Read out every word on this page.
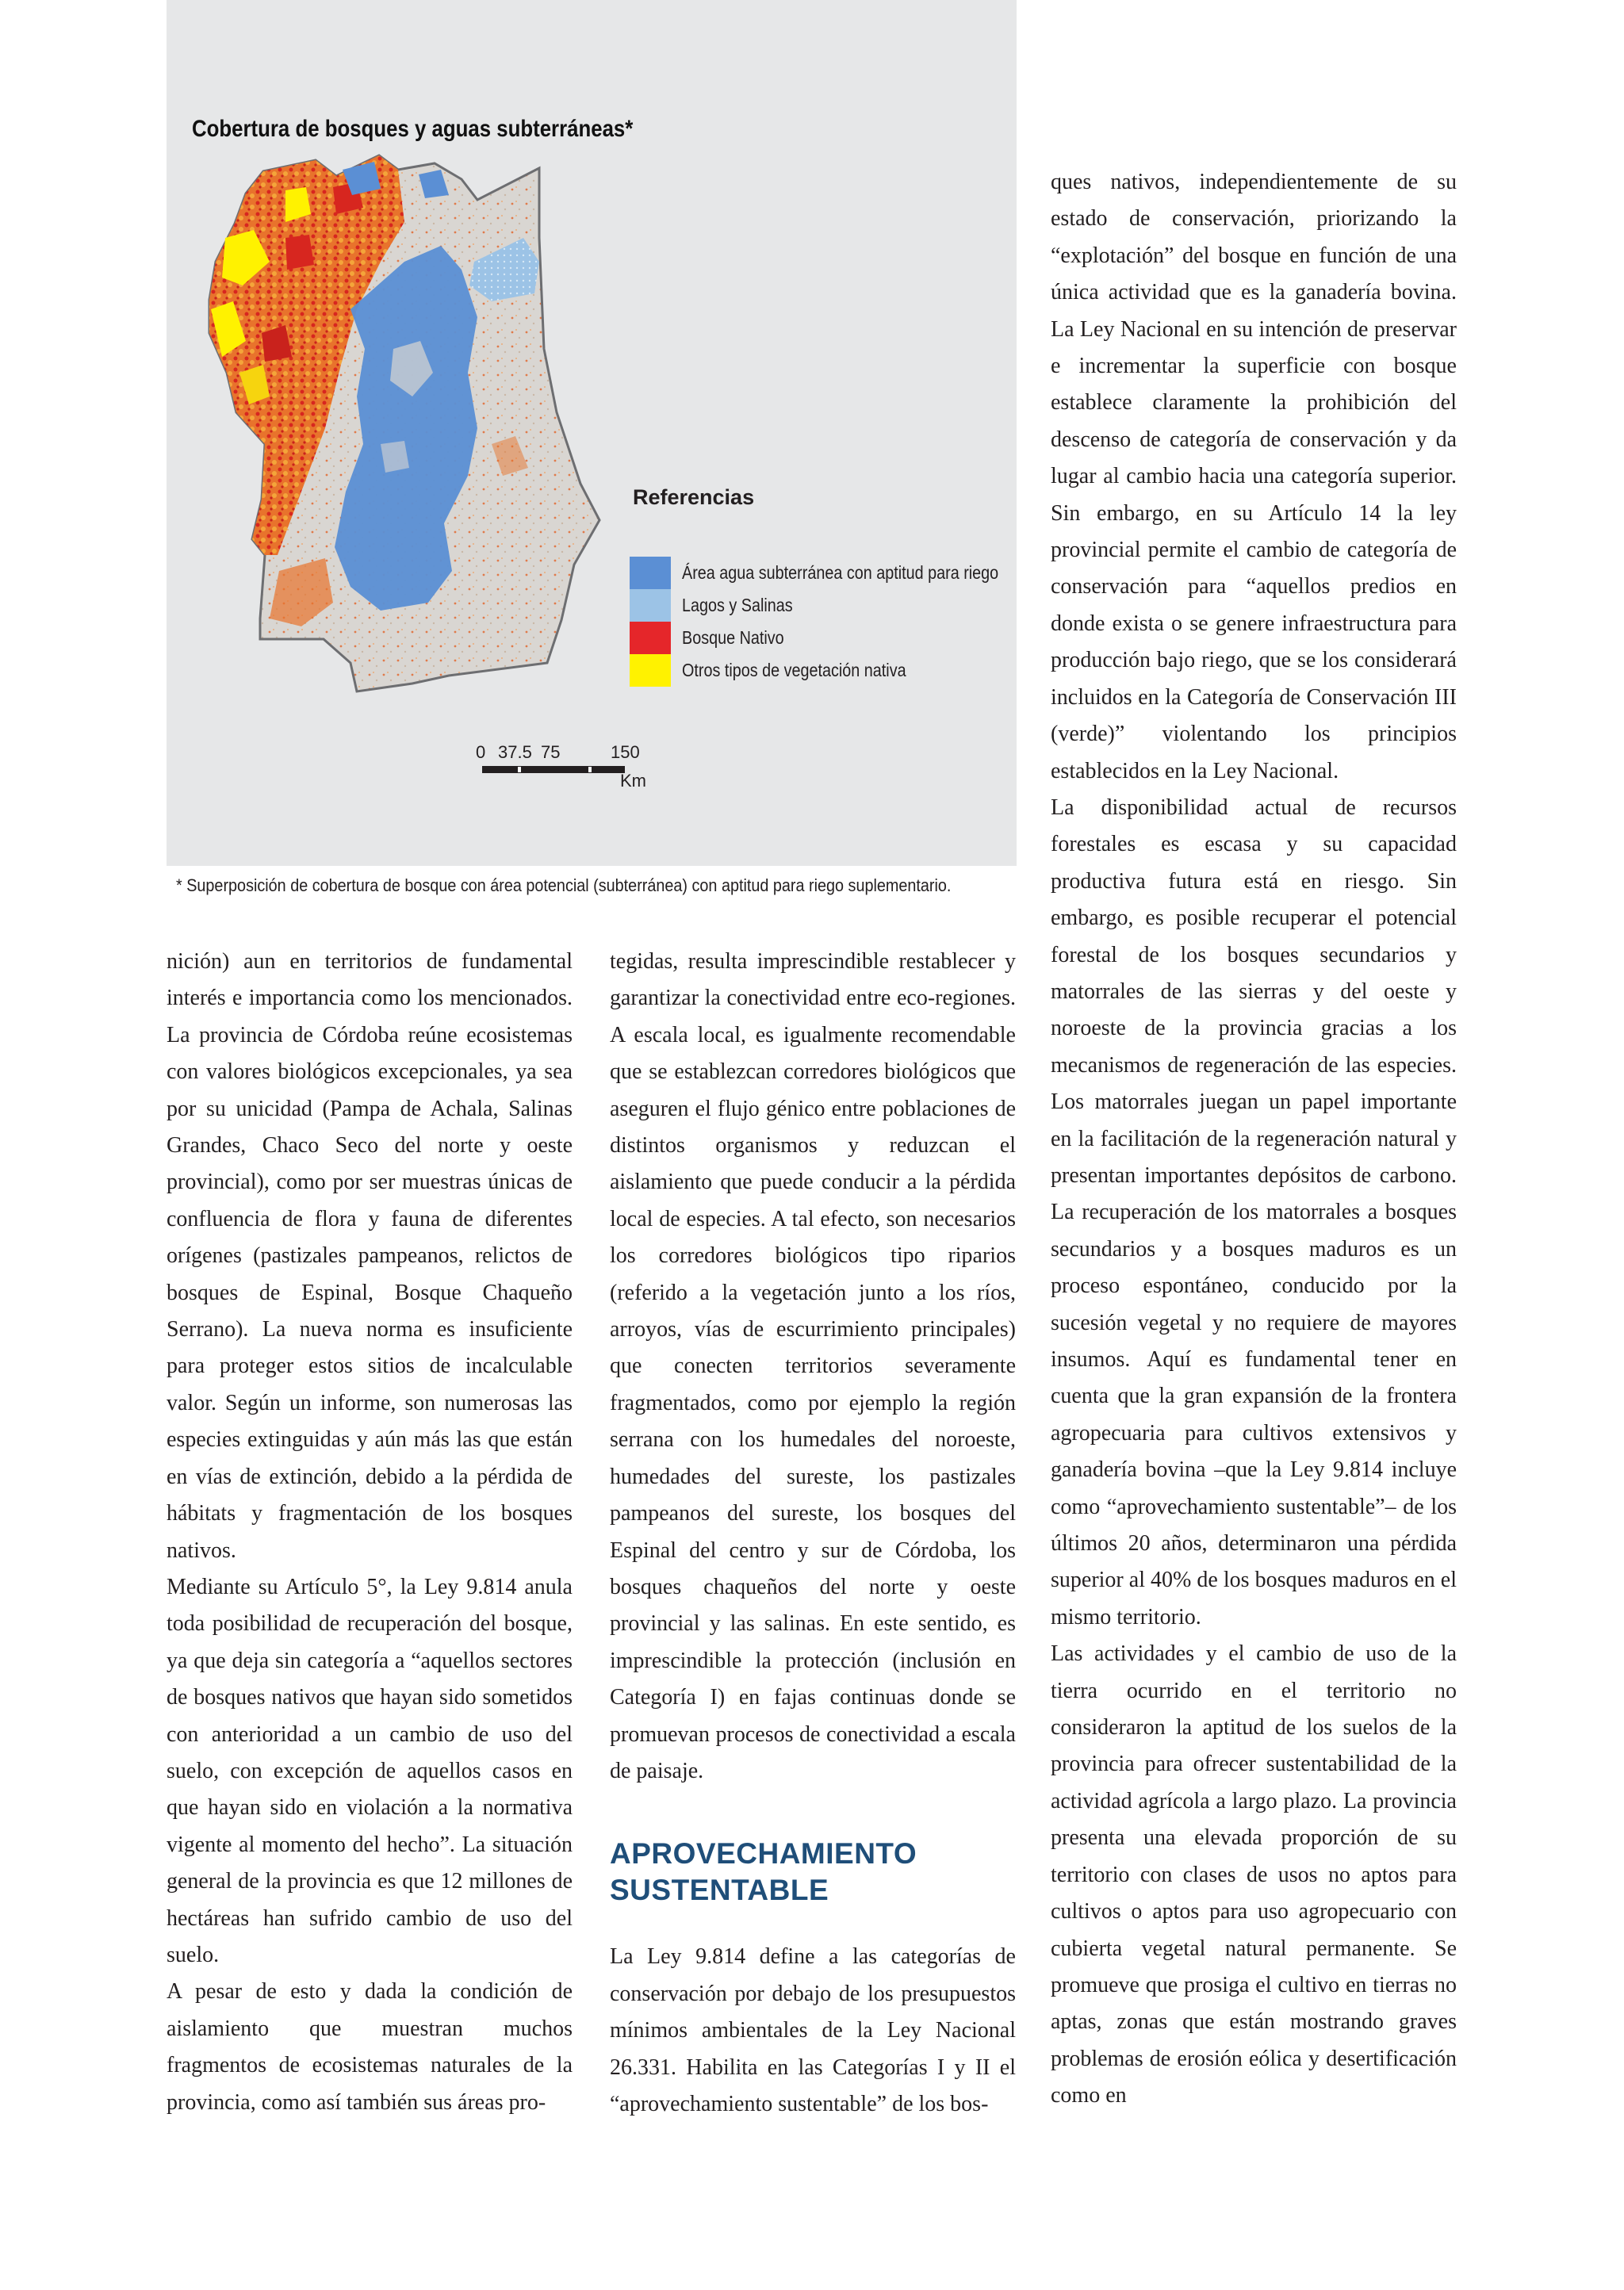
Cobertura de bosques y aguas subterráneas*
Referencias
Área agua subterránea con aptitud para riego
Lagos y Salinas
Bosque Nativo
Otros tipos de vegetación nativa
0 37.5 75	150
Km

* Superposición de cobertura de bosque con área potencial (subterránea) con aptitud para riego suplementario.

nición) aun en territorios de fundamental interés e importancia como los mencionados. La provincia de Córdoba reúne ecosistemas con valores biológicos excepcionales, ya sea por su unicidad (Pampa de Achala, Salinas Grandes, Chaco Seco del norte y oeste provincial), como por ser muestras únicas de confluencia de flora y fauna de diferentes orígenes (pastizales pampeanos, relictos de bosques de Espinal, Bosque Chaqueño Serrano). La nueva norma es insuficiente para proteger estos sitios de incalculable valor. Según un informe, son numerosas las especies extinguidas y aún más las que están en vías de extinción, debido a la pérdida de hábitats y fragmentación de los bosques nativos.

Mediante su Artículo 5°, la Ley 9.814 anula toda posibilidad de recuperación del bosque, ya que deja sin categoría a “aquellos sectores de bosques nativos que hayan sido sometidos con anterioridad a un cambio de uso del suelo, con excepción de aquellos casos en que hayan sido en violación a la normativa vigente al momento del hecho”. La situación general de la provincia es que 12 millones de hectáreas han sufrido cambio de uso del suelo.

A pesar de esto y dada la condición de aislamiento que muestran muchos fragmentos de ecosistemas naturales de la provincia, como así también sus áreas pro-

tegidas, resulta imprescindible restablecer y garantizar la conectividad entre eco-regiones. A escala local, es igualmente recomendable que se establezcan corredores biológicos que aseguren el flujo génico entre poblaciones de distintos organismos y reduzcan el aislamiento que puede conducir a la pérdida local de especies. A tal efecto, son necesarios los corredores biológicos tipo riparios (referido a la vegetación junto a los ríos, arroyos, vías de escurrimiento principales) que conecten territorios severamente fragmentados, como por ejemplo la región serrana con los humedales del noroeste, humedades del sureste, los pastizales pampeanos del sureste, los bosques del Espinal del centro y sur de Córdoba, los bosques chaqueños del norte y oeste provincial y las salinas. En este sentido, es imprescindible la protección (inclusión en Categoría I) en fajas continuas donde se promuevan procesos de conectividad a escala de paisaje.

APROVECHAMIENTO SUSTENTABLE

La Ley 9.814 define a las categorías de conservación por debajo de los presupuestos mínimos ambientales de la Ley Nacional 26.331. Habilita en las Categorías I y II el “aprovechamiento sustentable” de los bos-

ques nativos, independientemente de su estado de conservación, priorizando la “explotación” del bosque en función de una única actividad que es la ganadería bovina. La Ley Nacional en su intención de preservar e incrementar la superficie con bosque establece claramente la prohibición del descenso de categoría de conservación y da lugar al cambio hacia una categoría superior. Sin embargo, en su Artículo 14 la ley provincial permite el cambio de categoría de conservación para “aquellos predios en donde exista o se genere infraestructura para producción bajo riego, que se los considerará incluidos en la Categoría de Conservación III (verde)” violentando los principios establecidos en la Ley Nacional.

La disponibilidad actual de recursos forestales es escasa y su capacidad productiva futura está en riesgo. Sin embargo, es posible recuperar el potencial forestal de los bosques secundarios y matorrales de las sierras y del oeste y noroeste de la provincia gracias a los mecanismos de regeneración de las especies. Los matorrales juegan un papel importante en la facilitación de la regeneración natural y presentan importantes depósitos de carbono. La recuperación de los matorrales a bosques secundarios y a bosques maduros es un proceso espontáneo, conducido por la sucesión vegetal y no requiere de mayores insumos. Aquí es fundamental tener en cuenta que la gran expansión de la frontera agropecuaria para cultivos extensivos y ganadería bovina –que la Ley 9.814 incluye como “aprovechamiento sustentable”– de los últimos 20 años, determinaron una pérdida superior al 40% de los bosques maduros en el mismo territorio.

Las actividades y el cambio de uso de la tierra ocurrido en el territorio no consideraron la aptitud de los suelos de la provincia para ofrecer sustentabilidad de la actividad agrícola a largo plazo. La provincia presenta una elevada proporción de su territorio con clases de usos no aptos para cultivos o aptos para uso agropecuario con cubierta vegetal natural permanente. Se promueve que prosiga el cultivo en tierras no aptas, zonas que están mostrando graves problemas de erosión eólica y desertificación como en
